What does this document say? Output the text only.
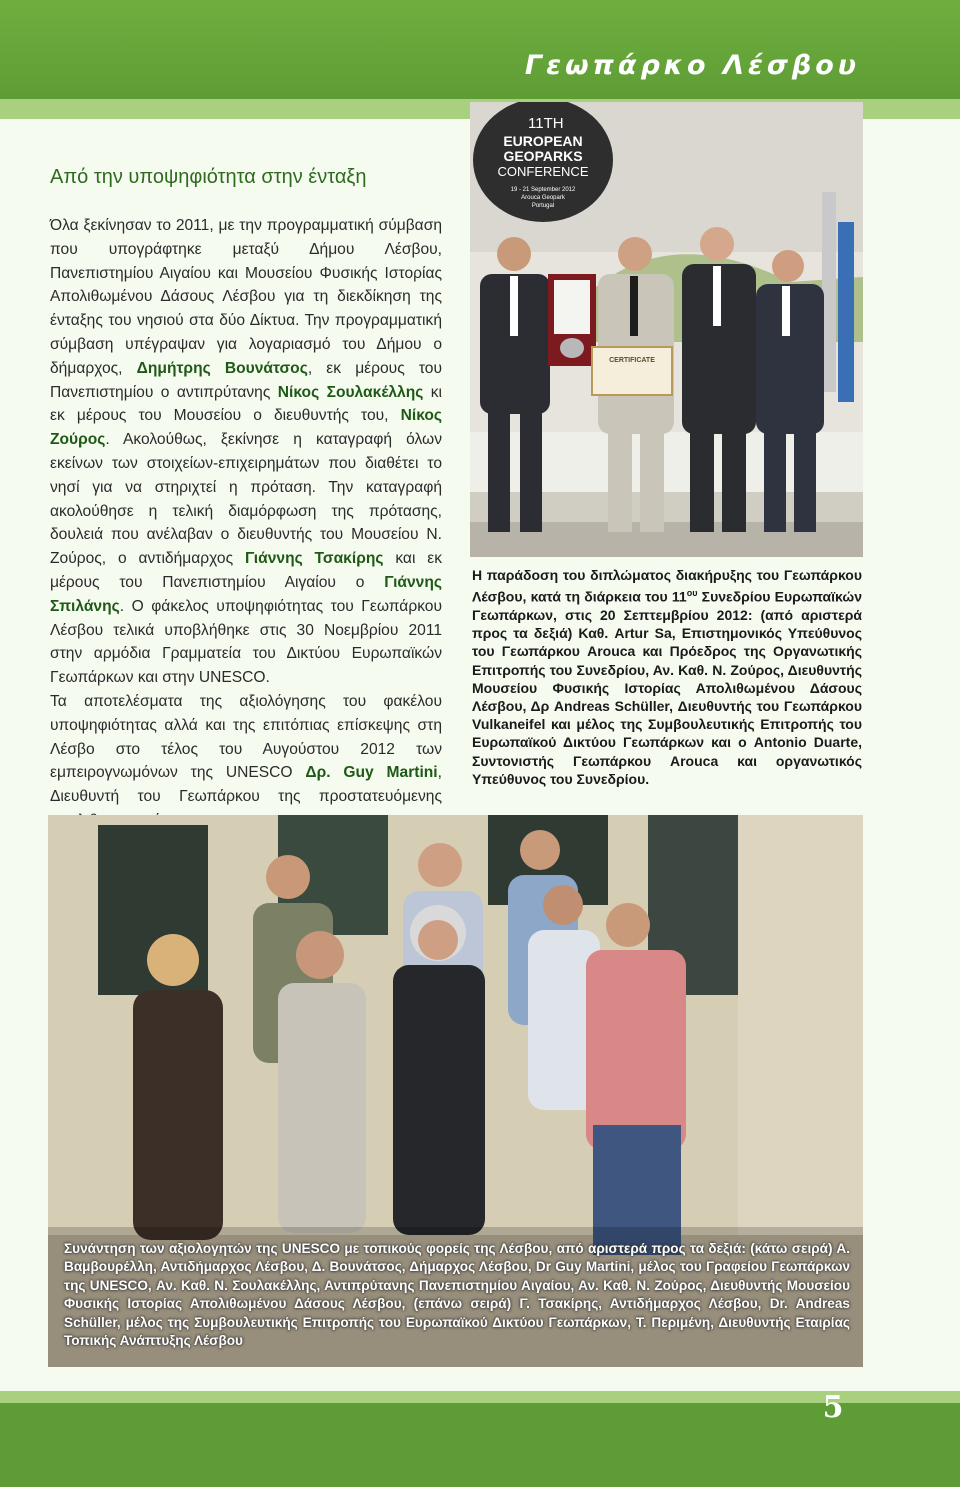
Γεωπάρκο Λέσβου
Από την υποψηφιότητα στην ένταξη

Όλα ξεκίνησαν το 2011, με την προγραμματική σύμβαση που υπογράφτηκε μεταξύ Δήμου Λέσβου, Πανεπιστημίου Αιγαίου και Μουσείου Φυσικής Ιστορίας Απολιθωμένου Δάσους Λέσβου για τη διεκδίκηση της ένταξης του νησιού στα δύο Δίκτυα. Την προγραμματική σύμβαση υπέγραψαν για λογαριασμό του Δήμου ο δήμαρχος, Δημήτρης Βουνάτσος, εκ μέρους του Πανεπιστημίου ο αντιπρύτανης Νίκος Σουλακέλλης κι εκ μέρους του Μουσείου ο διευθυντής του, Νίκος Ζούρος. Ακολούθως, ξεκίνησε η καταγραφή όλων εκείνων των στοιχείων-επιχειρημάτων που διαθέτει το νησί για να στηριχτεί η πρόταση. Την καταγραφή ακολούθησε η τελική διαμόρφωση της πρότασης, δουλειά που ανέλαβαν ο διευθυντής του Μουσείου Ν. Ζούρος, ο αντιδήμαρχος Γιάννης Τσακίρης και εκ μέρους του Πανεπιστημίου Αιγαίου ο Γιάννης Σπιλάνης. Ο φάκελος υποψηφιότητας του Γεωπάρκου Λέσβου τελικά υποβλήθηκε στις 30 Νοεμβρίου 2011 στην αρμόδια Γραμματεία του Δικτύου Ευρωπαϊκών Γεωπάρκων και στην UNESCO.

Τα αποτελέσματα της αξιολόγησης του φακέλου υποψηφιότητας αλλά και της επιτόπιας επίσκεψης στη Λέσβο στο τέλος του Αυγούστου 2012 των εμπειρογνωμόνων της UNESCO Δρ. Guy Martini, Διευθυντή του Γεωπάρκου της προστατευόμενης

11TH
EUROPEAN
GEOPARKS
CONFERENCE
19 - 21 September 2012
Arouca Geopark
Portugal
CERTIFICATE
Η παράδοση του διπλώματος διακήρυξης του Γεωπάρκου Λέσβου, κατά τη διάρκεια του $11^{o\upsilon}$ Συνεδρίου Ευρωπαϊκών Γεωπάρκων, στις 20 Σεπτεμβρίου 2012: (από αριστερά προς τα δεξιά) Καθ. Artur Sa, Επιστημονικός Υπεύθυνος του Γεωπάρκου Arouca και Πρόεδρος της Οργανωτικής Επιτροπής του Συνεδρίου, Αν. Καθ. Ν. Ζούρος, Διευθυντής Μουσείου Φυσικής Ιστορίας Απολιθωμένου Δάσους Λέσβου, Δρ Andreas Schüller, Διευθυντής του Γεωπάρκου Vulkaneifel και μέλος της Συμβουλευτικής Επιτροπής του Ευρωπαϊκού Δικτύου Γεωπάρκων και ο Antonio Duarte, Συντονιστής Γεωπάρκου Arouca και οργανωτικός Υπεύθυνος του Συνεδρίου.
Συνάντηση των αξιολογητών της UNESCO με τοπικούς φορείς της Λέσβου, από αριστερά προς τα δεξιά: (κάτω σειρά) Α. Βαμβουρέλλη, Αντιδήμαρχος Λέσβου, Δ. Βουνάτσος, Δήμαρχος Λέσβου, Dr Guy Martini, μέλος του Γραφείου Γεωπάρκων της UNESCO, Αν. Καθ. Ν. Σουλακέλλης, Αντιπρύτανης Πανεπιστημίου Αιγαίου, Αν. Καθ. Ν. Ζούρος, Διευθυντής Μουσείου Φυσικής Ιστορίας Απολιθωμένου Δάσους Λέσβου, (επάνω σειρά) Γ. Τσακίρης, Αντιδήμαρχος Λέσβου, Dr. Andreas Schüller, μέλος της Συμβουλευτικής Επιτροπής του Ευρωπαϊκού Δικτύου Γεωπάρκων, Τ. Περιμένη, Διευθυντής Εταιρίας Τοπικής Ανάπτυξης Λέσβου
5
